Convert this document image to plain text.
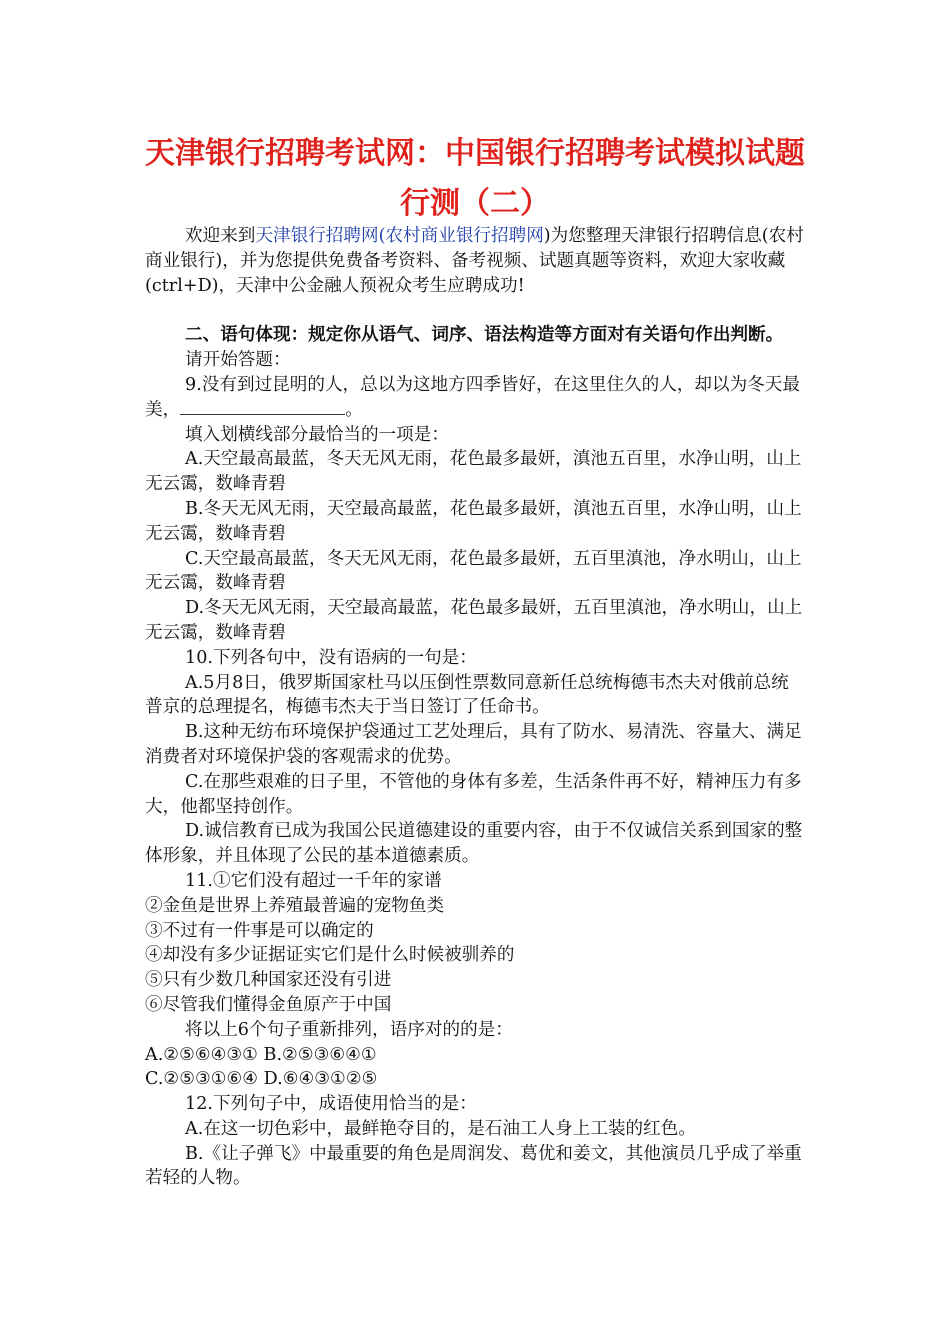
天津银行招聘考试网：中国银行招聘考试模拟试题
行测（二）

欢迎来到天津银行招聘网(农村商业银行招聘网)为您整理天津银行招聘信息(农村商业银行)，并为您提供免费备考资料、备考视频、试题真题等资料，欢迎大家收藏(ctrl+D)，天津中公金融人预祝众考生应聘成功!

二、语句体现：规定你从语气、词序、语法构造等方面对有关语句作出判断。

请开始答题：

9.没有到过昆明的人，总以为这地方四季皆好，在这里住久的人，却以为冬天最美，	。

填入划横线部分最恰当的一项是：

A.天空最高最蓝，冬天无风无雨，花色最多最妍，滇池五百里，水净山明，山上无云霭，数峰青碧

B.冬天无风无雨，天空最高最蓝，花色最多最妍，滇池五百里，水净山明，山上无云霭，数峰青碧

C.天空最高最蓝，冬天无风无雨，花色最多最妍，五百里滇池，净水明山，山上无云霭，数峰青碧

D.冬天无风无雨，天空最高最蓝，花色最多最妍，五百里滇池，净水明山，山上无云霭，数峰青碧

10.下列各句中，没有语病的一句是：

A.5月8日，俄罗斯国家杜马以压倒性票数同意新任总统梅德韦杰夫对俄前总统普京的总理提名，梅德韦杰夫于当日签订了任命书。

B.这种无纺布环境保护袋通过工艺处理后，具有了防水、易清洗、容量大、满足消费者对环境保护袋的客观需求的优势。

C.在那些艰难的日子里，不管他的身体有多差，生活条件再不好，精神压力有多大，他都坚持创作。

D.诚信教育已成为我国公民道德建设的重要内容，由于不仅诚信关系到国家的整体形象，并且体现了公民的基本道德素质。

11.①它们没有超过一千年的家谱

②金鱼是世界上养殖最普遍的宠物鱼类

③不过有一件事是可以确定的

④却没有多少证据证实它们是什么时候被驯养的

⑤只有少数几种国家还没有引进

⑥尽管我们懂得金鱼原产于中国

将以上6个句子重新排列，语序对的的是：

A.②⑤⑥④③① B.②⑤③⑥④①

C.②⑤③①⑥④ D.⑥④③①②⑤

12.下列句子中，成语使用恰当的是：

A.在这一切色彩中，最鲜艳夺目的，是石油工人身上工装的红色。

B.《让子弹飞》中最重要的角色是周润发、葛优和姜文，其他演员几乎成了举重若轻的人物。
